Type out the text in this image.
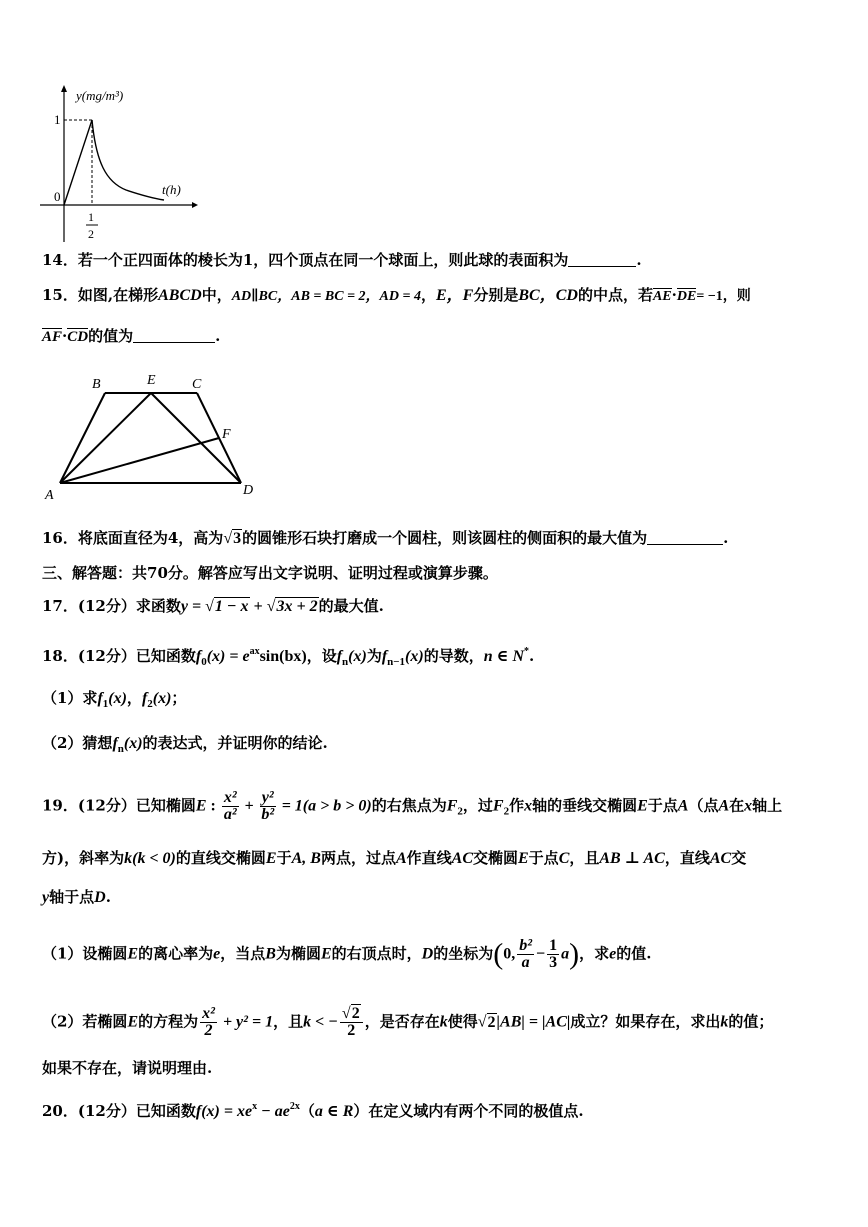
y(mg/m³)
t(h)
1
0
1
2
14．若一个正四面体的棱长为1，四个顶点在同一个球面上，则此球的表面积为	.
15．如图,在梯形ABCD中，AD∥BC，AB = BC = 2，AD = 4，E，F分别是BC，CD的中点，若AE·DE= −1，则
AF·CD的值为	.
B	E	C
F
A	D
16．将底面直径为4，高为√3的圆锥形石块打磨成一个圆柱，则该圆柱的侧面积的最大值为	.
三、解答题：共70分。解答应写出文字说明、证明过程或演算步骤。
17．(12分）求函数y = √1 − x + √3x + 2的最大值.
18．(12分）已知函数$f_0(x) = e^{ax}\sin(bx)$，设$f_n(x)$为$f_{n-1}(x)$的导数，n ∈ N*.
（1）求$f_1(x)$，$f_2(x)$；
（2）猜想$f_n(x)$的表达式，并证明你的结论.
19．(12分）已知椭圆E : $\frac{\text{x²}}{\text{a²}} + \frac{\text{y²}}{\text{b²}} = 1(a > b > 0)$的右焦点为$F_2$，过$F_2$作x轴的垂线交椭圆E于点A（点A在x轴上
方)，斜率为k(k < 0)的直线交椭圆E于A, B两点，过点A作直线AC交椭圆E于点C，且AB ⊥ AC，直线AC交
y轴于点D.
（1）设椭圆E的离心率为e，当点B为椭圆E的右顶点时，D的坐标为(0, $\frac{\text{b²}}{a} - \frac{1}{3} a$)，求e的值.
（2）若椭圆E的方程为 $\frac{\text{x²}}{2} + y^2 = 1$，且k < − $\frac{√2}{2}$ ，是否存在k使得√2|AB| = |AC|成立？如果存在，求出k的值；
如果不存在，请说明理由.
20．(12分）已知函数$f(x) = xe^x - ae^{2x}(a$ ∈ R）在定义域内有两个不同的极值点.
